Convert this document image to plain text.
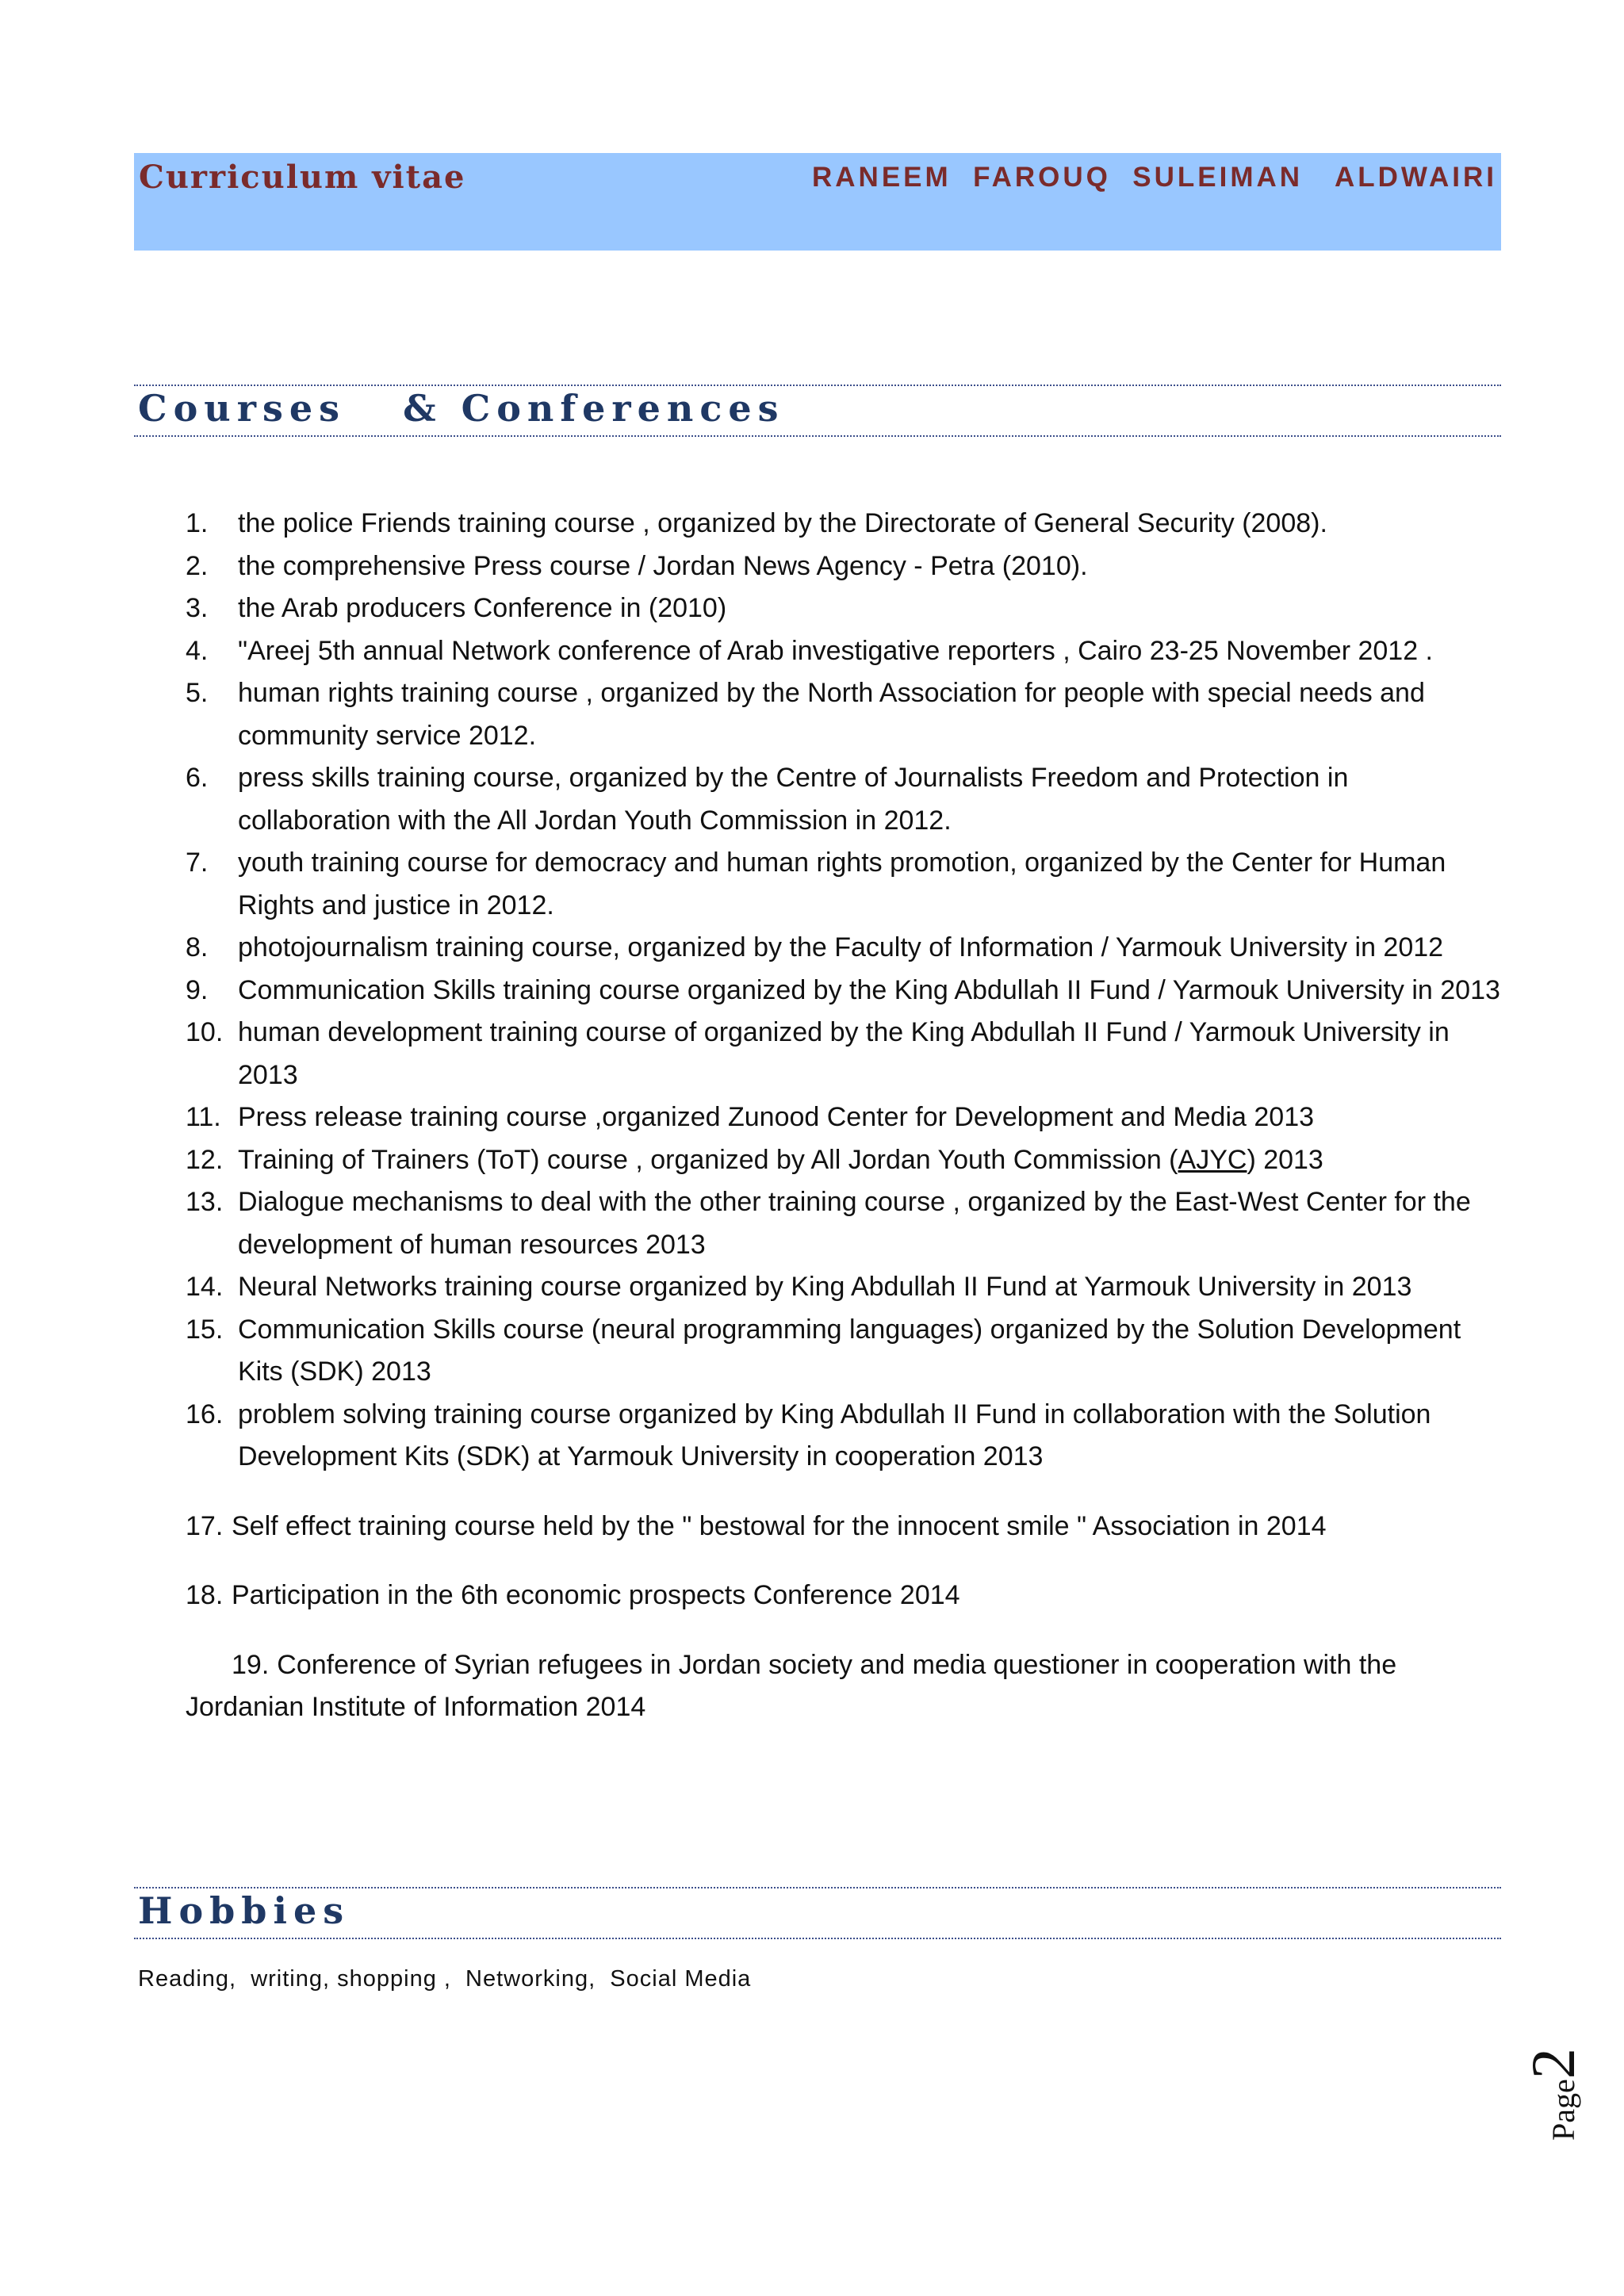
Curriculum vitae	RANEEM  FAROUQ  SULEIMAN   ALDWAIRI
Courses   & Conferences
1. the police Friends training course , organized by the Directorate of General Security (2008).
2. the comprehensive Press course / Jordan News Agency - Petra (2010).
3. the Arab producers Conference in (2010)
4. "Areej 5th annual Network conference of Arab investigative reporters , Cairo 23-25 November 2012 .
5. human rights training course , organized by the North Association for people with special needs and community service 2012.
6. press skills training course, organized by the Centre of Journalists Freedom and Protection in collaboration with the All Jordan Youth Commission in 2012.
7. youth training course for democracy and human rights promotion, organized by the Center for Human Rights and justice in 2012.
8. photojournalism training course, organized by the Faculty of Information / Yarmouk University in 2012
9. Communication Skills training course organized by the King Abdullah II Fund / Yarmouk University in 2013
10. human development training course of organized by the King Abdullah II Fund / Yarmouk University in 2013
11. Press release training course ,organized Zunood Center for Development and Media 2013
12. Training of Trainers (ToT) course , organized by All Jordan Youth Commission (AJYC) 2013
13. Dialogue mechanisms to deal with the other training course , organized by the East-West Center for the development of human resources 2013
14. Neural Networks training course organized by King Abdullah II Fund at Yarmouk University in 2013
15. Communication Skills course (neural programming languages) organized by the Solution Development Kits (SDK) 2013
16. problem solving training course organized by King Abdullah II Fund in collaboration with the Solution Development Kits (SDK) at Yarmouk University in cooperation 2013
17. Self effect training course held by the " bestowal for the innocent smile " Association in 2014
18. Participation in the 6th economic prospects Conference 2014
19. Conference of Syrian refugees in Jordan society and media questioner in cooperation with the Jordanian Institute of Information 2014
Hobbies
Reading,  writing, shopping ,  Networking,  Social Media
Page2
